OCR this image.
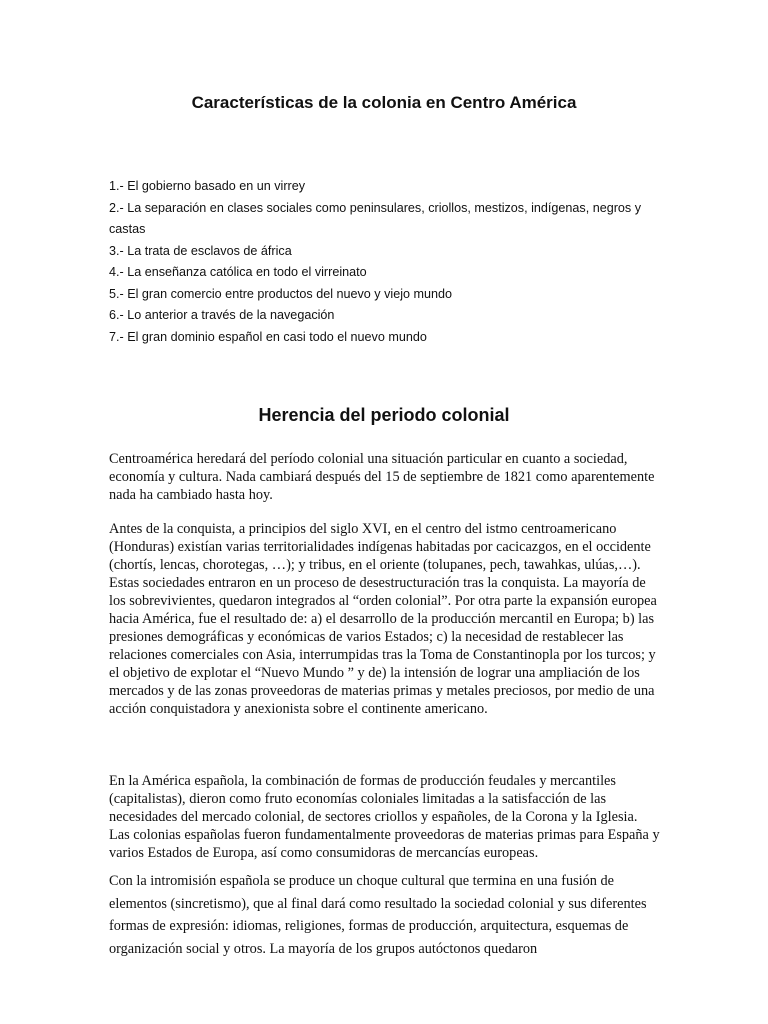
Características de la colonia en Centro América
1.- El gobierno basado en un virrey
2.- La separación en clases sociales como peninsulares, criollos, mestizos, indígenas, negros y castas
3.- La trata de esclavos de áfrica
4.- La enseñanza católica en todo el virreinato
5.- El gran comercio entre productos del nuevo y viejo mundo
6.- Lo anterior a través de la navegación
7.- El gran dominio español en casi todo el nuevo mundo
Herencia del periodo colonial

Centroamérica heredará del período colonial una situación particular en cuanto a sociedad, economía y cultura. Nada cambiará después del 15 de septiembre de 1821 como aparentemente nada ha cambiado hasta hoy.

Antes de la conquista, a principios del siglo XVI, en el centro del istmo centroamericano (Honduras) existían varias territorialidades indígenas habitadas por cacicazgos, en el occidente (chortís, lencas, chorotegas, …); y tribus, en el oriente (tolupanes, pech, tawahkas, ulúas,…). Estas sociedades entraron en un proceso de desestructuración tras la conquista. La mayoría de los sobrevivientes, quedaron integrados al “orden colonial”. Por otra parte la expansión europea hacia América, fue el resultado de: a) el desarrollo de la producción mercantil en Europa; b) las presiones demográficas y económicas de varios Estados; c) la necesidad de restablecer las relaciones comerciales con Asia, interrumpidas tras la Toma de Constantinopla por los turcos; y el objetivo de explotar el “Nuevo Mundo ” y de) la intensión de lograr una ampliación de los mercados y de las zonas proveedoras de materias primas y metales preciosos, por medio de una acción conquistadora y anexionista sobre el continente americano.

En la América española, la combinación de formas de producción feudales y mercantiles (capitalistas), dieron como fruto economías coloniales limitadas a la satisfacción de las necesidades del mercado colonial, de sectores criollos y españoles, de la Corona y la Iglesia. Las colonias españolas fueron fundamentalmente proveedoras de materias primas para España y varios Estados de Europa, así como consumidoras de mercancías europeas.

Con la intromisión española se produce un choque cultural que termina en una fusión de elementos (sincretismo), que al final dará como resultado la sociedad colonial y sus diferentes formas de expresión: idiomas, religiones, formas de producción, arquitectura, esquemas de organización social y otros. La mayoría de los grupos autóctonos quedaron
